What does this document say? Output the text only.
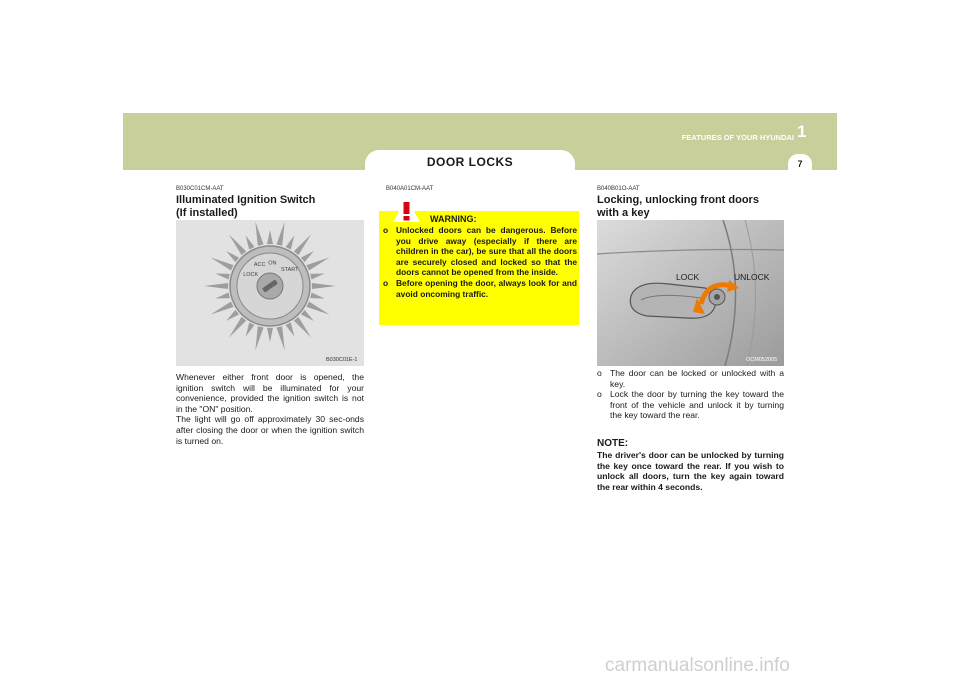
DOOR LOCKS
FEATURES OF YOUR HYUNDAI 1
7
B030C01CM-AAT
Illuminated Ignition Switch
(If installed)
LOCKACC ONSTART
B030C01E-1
Whenever either front door is opened, the ignition switch will be illuminated for your convenience, provided the ignition switch is not in the "ON" position.
The light will go off approximately 30 sec-onds after closing the door or when the ignition switch is turned on.
B040A01CM-AAT
WARNING:
o Unlocked doors can be dangerous. Before you drive away (especially if there are children in the car), be sure that all the doors are securely closed and locked so that the doors cannot be opened from the inside.
o Before opening the door, always look for and avoid oncoming traffic.
B040B01O-AAT
Locking, unlocking front doors
with a key
LOCK	UNLOCK
OCM052005
o The door can be locked or unlocked with a key.
o Lock the door by turning the key toward the front of the vehicle and unlock it by turning the key toward the rear.
NOTE:
The driver's door can be unlocked by turning the key once toward the rear. If you wish to unlock all doors, turn the key again toward the rear within 4 seconds.
carmanualsonline.info
